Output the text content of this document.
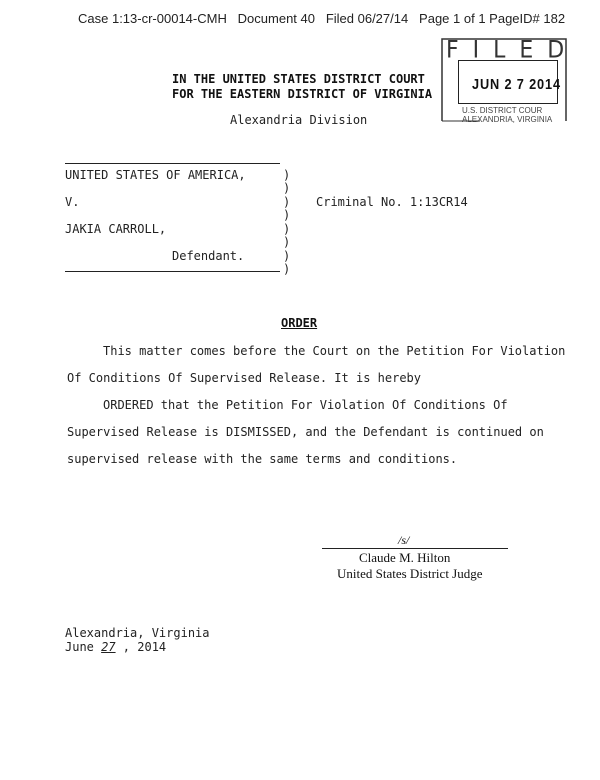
Case 1:13-cr-00014-CMH   Document 40   Filed 06/27/14   Page 1 of 1 PageID# 182
FILED
JUN 2 7 2014
U.S. DISTRICT COUR
ALEXANDRIA, VIRGINIA
IN THE UNITED STATES DISTRICT COURT
FOR THE EASTERN DISTRICT OF VIRGINIA
Alexandria Division
UNITED STATES OF AMERICA,
V.
JAKIA CARROLL,
Defendant.
)
)
)
)
)
)
)
)
Criminal No. 1:13CR14
ORDER
This matter comes before the Court on the Petition For Violation
Of Conditions Of Supervised Release. It is hereby
ORDERED that the Petition For Violation Of Conditions Of
Supervised Release is DISMISSED, and the Defendant is continued on
supervised release with the same terms and conditions.
/s/
Claude M. Hilton
United States District Judge
Alexandria, Virginia
June 27 , 2014
